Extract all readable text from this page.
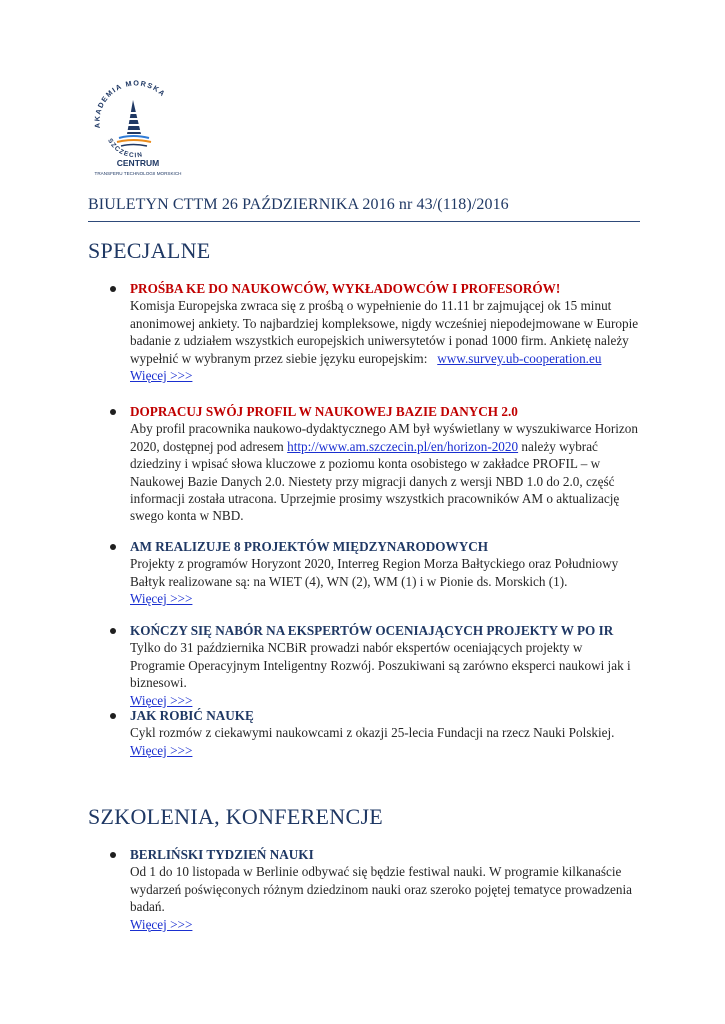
AKADEMIA MORSKA
SZCZECIN
CENTRUM
TRANSFERU TECHNOLOGII MORSKICH
BIULETYN CTTM 26 PAŹDZIERNIKA 2016 nr 43/(118)/2016
SPECJALNE
PROŚBA KE DO NAUKOWCÓW, WYKŁADOWCÓW I PROFESORÓW!
Komisja Europejska zwraca się z prośbą o wypełnienie do 11.11 br zajmującej ok 15 minut anonimowej ankiety. To najbardziej kompleksowe, nigdy wcześniej niepodejmowane w Europie badanie z udziałem wszystkich europejskich uniwersytetów i ponad 1000 firm. Ankietę należy wypełnić w wybranym przez siebie języku europejskim: www.survey.ub-cooperation.eu
Więcej >>>
DOPRACUJ SWÓJ PROFIL W NAUKOWEJ BAZIE DANYCH 2.0
Aby profil pracownika naukowo-dydaktycznego AM był wyświetlany w wyszukiwarce Horizon 2020, dostępnej pod adresem http://www.am.szczecin.pl/en/horizon-2020 należy wybrać dziedziny i wpisać słowa kluczowe z poziomu konta osobistego w zakładce PROFIL – w Naukowej Bazie Danych 2.0. Niestety przy migracji danych z wersji NBD 1.0 do 2.0, część informacji została utracona. Uprzejmie prosimy wszystkich pracowników AM o aktualizację swego konta w NBD.
AM REALIZUJE 8 PROJEKTÓW MIĘDZYNARODOWYCH
Projekty z programów Horyzont 2020, Interreg Region Morza Bałtyckiego oraz Południowy Bałtyk realizowane są: na WIET (4), WN (2), WM (1) i w Pionie ds. Morskich (1).
Więcej >>>
KOŃCZY SIĘ NABÓR NA EKSPERTÓW OCENIAJĄCYCH PROJEKTY W PO IR
Tylko do 31 października NCBiR prowadzi nabór ekspertów oceniających projekty w Programie Operacyjnym Inteligentny Rozwój. Poszukiwani są zarówno eksperci naukowi jak i biznesowi.
Więcej >>>
JAK ROBIĆ NAUKĘ
Cykl rozmów z ciekawymi naukowcami z okazji 25-lecia Fundacji na rzecz Nauki Polskiej.
Więcej >>>
SZKOLENIA, KONFERENCJE
BERLIŃSKI TYDZIEŃ NAUKI
Od 1 do 10 listopada w Berlinie odbywać się będzie festiwal nauki. W programie kilkanaście wydarzeń poświęconych różnym dziedzinom nauki oraz szeroko pojętej tematyce prowadzenia badań.
Więcej >>>
